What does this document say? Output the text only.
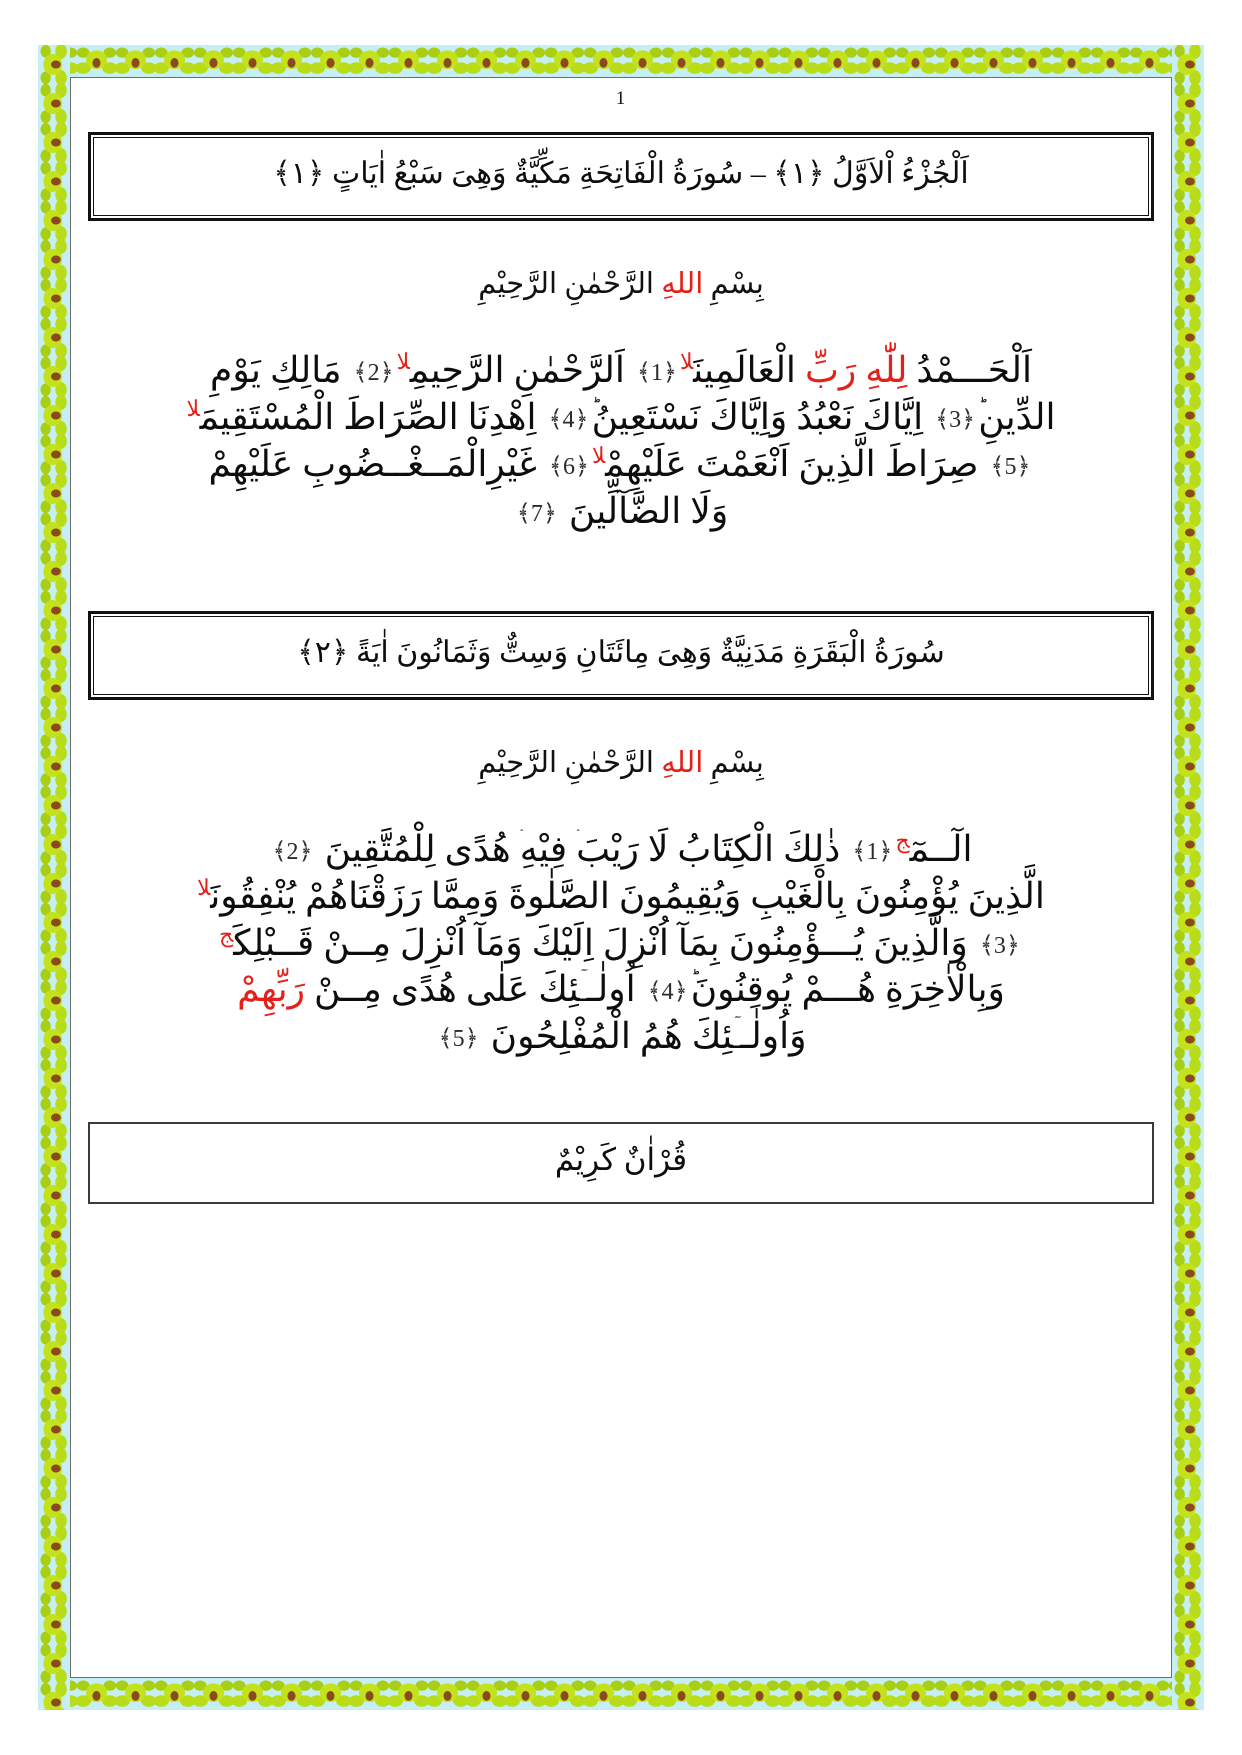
1
اَلْجُزْءُ اْلاَوَّلُ ﴿١﴾ – سُورَةُ الْفَاتِحَةِ مَكِّيَّةٌ وَهِىَ سَبْعُ اٰيَاتٍ ﴿١﴾
بِسْمِ اللهِ الرَّحْمٰنِ الرَّحِيْمِ
اَلْحَـــمْدُ لِلّٰهِ رَبِّ الْعَالَمِينَ$^{لا}$﴿1﴾ اَلرَّحْمٰنِ الرَّحِيمِ$^{لا}$﴿2﴾ مَالِكِ يَوْمِ
الدِّينِ﴿3﴾ اِيَّاكَ نَعْبُدُ وَاِيَّاكَ نَسْتَعِينُ﴿4﴾ اِهْدِنَا الصِّرَاطَ الْمُسْتَقِيمَ$^{لا}$
﴿5﴾ صِرَاطَ الَّذِينَ اَنْعَمْتَ عَلَيْهِمْ$^{لا}$﴿6﴾ غَيْرِالْمَــغْــضُوبِ عَلَيْهِمْ
وَلَا الضَّآلِّينَ ﴿7﴾
سُورَةُ الْبَقَرَةِ مَدَنِيَّةٌ وَهِىَ مِائَتَانِ وَسِتٌّ وَثَمَانُونَ اٰيَةً ﴿٢﴾
بِسْمِ اللهِ الرَّحْمٰنِ الرَّحِيْمِ
الٓــمٓ$^ج$﴿1﴾ ذٰلِكَ الْكِتَابُ لَا رَيْبَ فِيْهِ هُدًى لِلْمُتَّقِينَ ﴿2﴾
الَّذِينَ يُؤْمِنُونَ بِالْغَيْبِ وَيُقِيمُونَ الصَّلٰوةَ وَمِمَّا رَزَقْنَاهُمْ يُنْفِقُونَ$^{لا}$
﴿3﴾ وَالَّذِينَ يُـــؤْمِنُونَ بِمَآ اُنْزِلَ اِلَيْكَ وَمَآ اُنْزِلَ مِــنْ قَــبْلِكَ$^ج$
وَبِالْاٰخِرَةِ هُـــمْ يُوقِنُونَ﴿4﴾ اُولٰــۤئِكَ عَلٰى هُدًى مِــنْ رَبِّهِمْ
وَاُولٰــۤئِكَ هُمُ الْمُفْلِحُونَ ﴿5﴾
قُرْاٰنٌ كَرِيْمٌ
